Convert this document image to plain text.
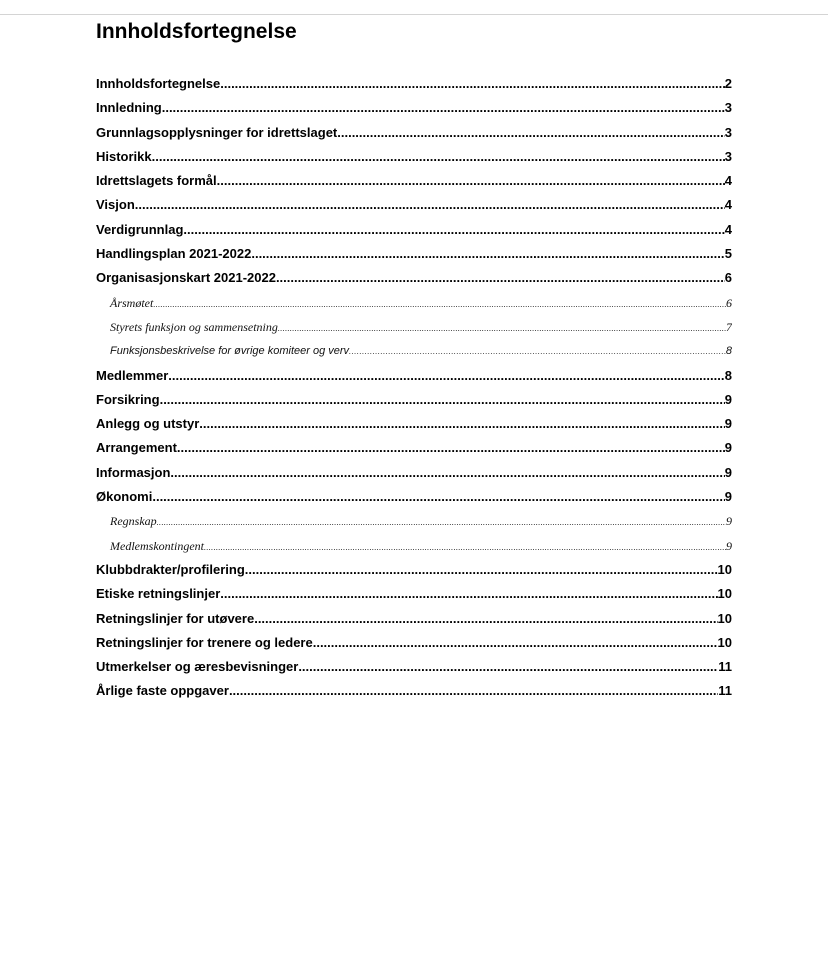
Innholdsfortegnelse
Innholdsfortegnelse .....	2
Innledning .....	3
Grunnlagsopplysninger for idrettslaget .....	3
Historikk .....	3
Idrettslagets formål .....	4
Visjon .....	4
Verdigrunnlag .....	4
Handlingsplan 2021-2022 .....	5
Organisasjonskart 2021-2022 .....	6
Årsmøtet .....	6
Styrets funksjon og sammensetning .....	7
Funksjonsbeskrivelse for øvrige komiteer og verv .....	8
Medlemmer .....	8
Forsikring .....	9
Anlegg og utstyr .....	9
Arrangement .....	9
Informasjon .....	9
Økonomi .....	9
Regnskap .....	9
Medlemskontingent .....	9
Klubbdrakter/profilering .....	10
Etiske retningslinjer .....	10
Retningslinjer for utøvere .....	10
Retningslinjer for trenere og ledere .....	10
Utmerkelser og æresbevisninger .....	11
Årlige faste oppgaver .....	11
